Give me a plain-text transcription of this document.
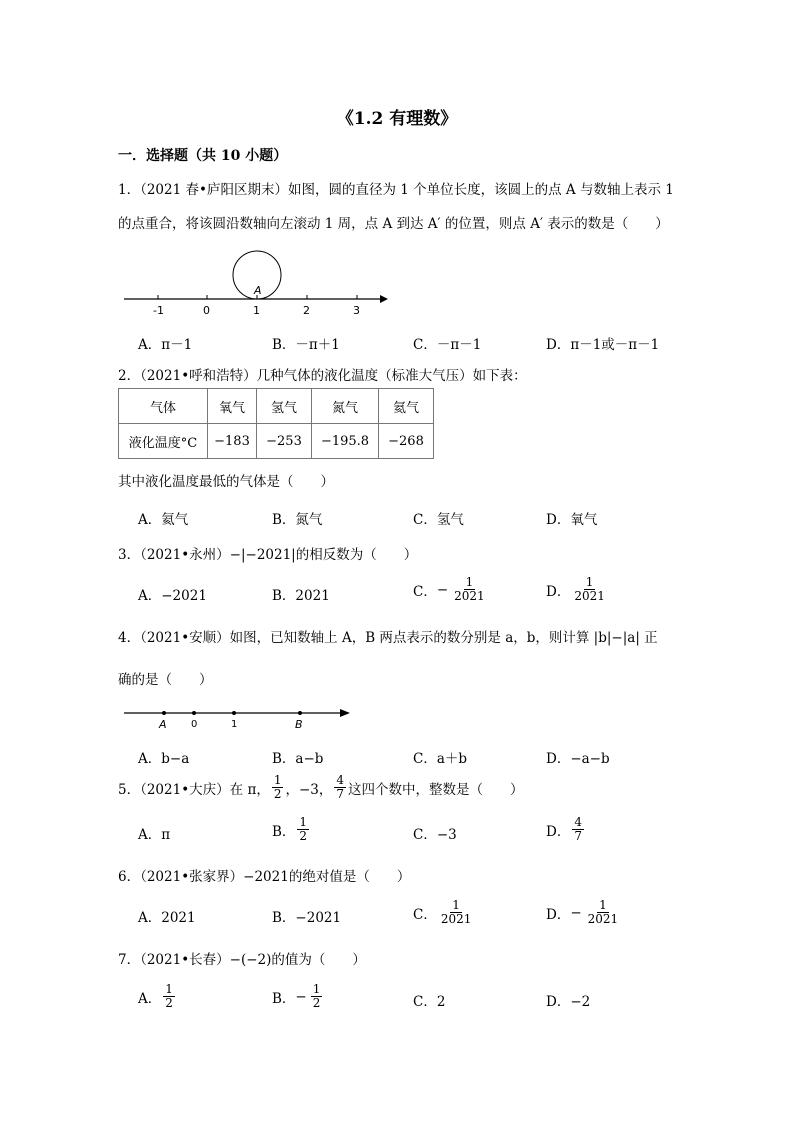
《1.2 有理数》
一．选择题（共 10 小题）
1．（2021 春•庐阳区期末）如图，圆的直径为 1 个单位长度，该圆上的点 A 与数轴上表示 1
的点重合，将该圆沿数轴向左滚动 1 周，点 A 到达 A′ 的位置，则点 A′ 表示的数是（　　）
A
-1	0	1	2	3
A．π－1	B．－π＋1	C．－π－1	D．π－1或－π－1
2．（2021•呼和浩特）几种气体的液化温度（标准大气压）如下表：
气体	氧气	氢气	氮气	氦气
液化温度°C	−183	−253	−195.8	−268
其中液化温度最低的气体是（　　）
A．氦气	B．氮气	C．氢气	D．氧气
3．（2021•永州）−|−2021|的相反数为（　　）
A．−2021	B．2021	C． − $\frac{1}{2021}$	D． $\frac{1}{2021}$
4．（2021•安顺）如图，已知数轴上 A，B 两点表示的数分别是 a，b，则计算 |b|−|a| 正
确的是（　　）
A 0	1	B
A．b−a	B．a−b	C．a＋b	D．−a−b
5．（2021•大庆）在 π， $\frac{1}{2}$ ，−3， $\frac{4}{7}$ 这四个数中，整数是（　　）
A．π	B． $\frac{1}{2}$	C．−3	D． $\frac{4}{7}$
6．（2021•张家界）−2021的绝对值是（　　）
A．2021	B．−2021	C． $\frac{1}{2021}$	D． − $\frac{1}{2021}$
7．（2021•长春）−(−2)的值为（　　）
A． $\frac{1}{2}$	B． − $\frac{1}{2}$	C．2	D．−2
